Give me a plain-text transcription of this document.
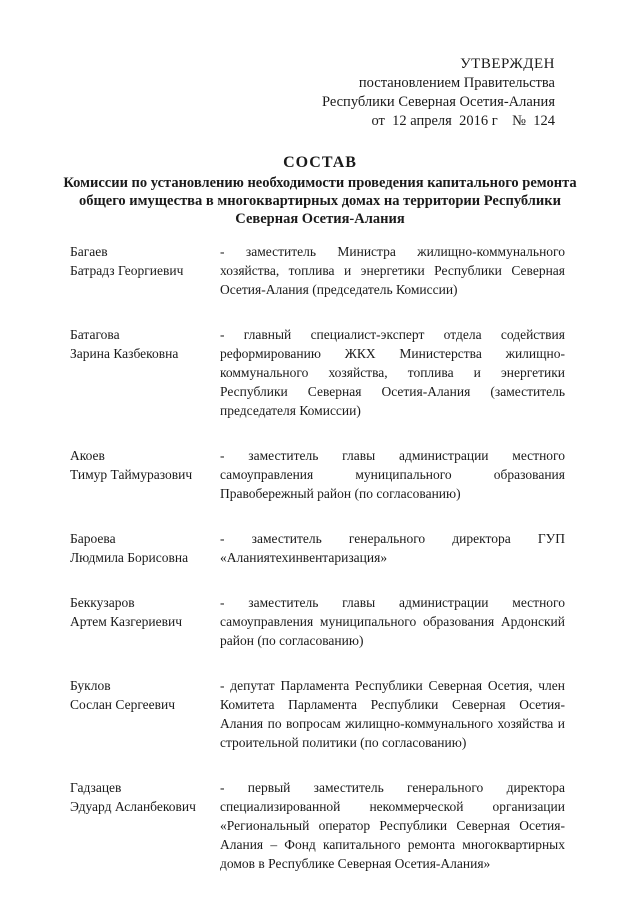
УТВЕРЖДЕН
постановлением Правительства
Республики Северная Осетия-Алания
от  12 апреля  2016 г    №  124
СОСТАВ
Комиссии по установлению необходимости проведения капитального ремонта общего имущества в многоквартирных домах на территории Республики Северная Осетия-Алания
Багаев
Батрадз Георгиевич
- заместитель Министра жилищно-коммунального хозяйства, топлива и энергетики Республики Северная Осетия-Алания (председатель Комиссии)
Батагова
Зарина Казбековна
- главный специалист-эксперт отдела содействия реформированию ЖКХ Министерства жилищно-коммунального хозяйства, топлива и энергетики Республики Северная Осетия-Алания (заместитель председателя Комиссии)
Акоев
Тимур Таймуразович
- заместитель главы администрации местного самоуправления муниципального образования Правобережный район (по согласованию)
Бароева
Людмила Борисовна
- заместитель генерального директора ГУП «Аланиятехинвентаризация»
Беккузаров
Артем Казгериевич
- заместитель главы администрации местного самоуправления муниципального образования Ардонский район (по согласованию)
Буклов
Сослан Сергеевич
- депутат Парламента Республики Северная Осетия, член Комитета Парламента Республики Северная Осетия-Алания по вопросам жилищно-коммунального хозяйства и строительной политики (по согласованию)
Гадзацев
Эдуард Асланбекович
- первый заместитель генерального директора специализированной некоммерческой организации «Региональный оператор Республики Северная Осетия-Алания – Фонд капитального ремонта многоквартирных домов в Республике Северная Осетия-Алания»
